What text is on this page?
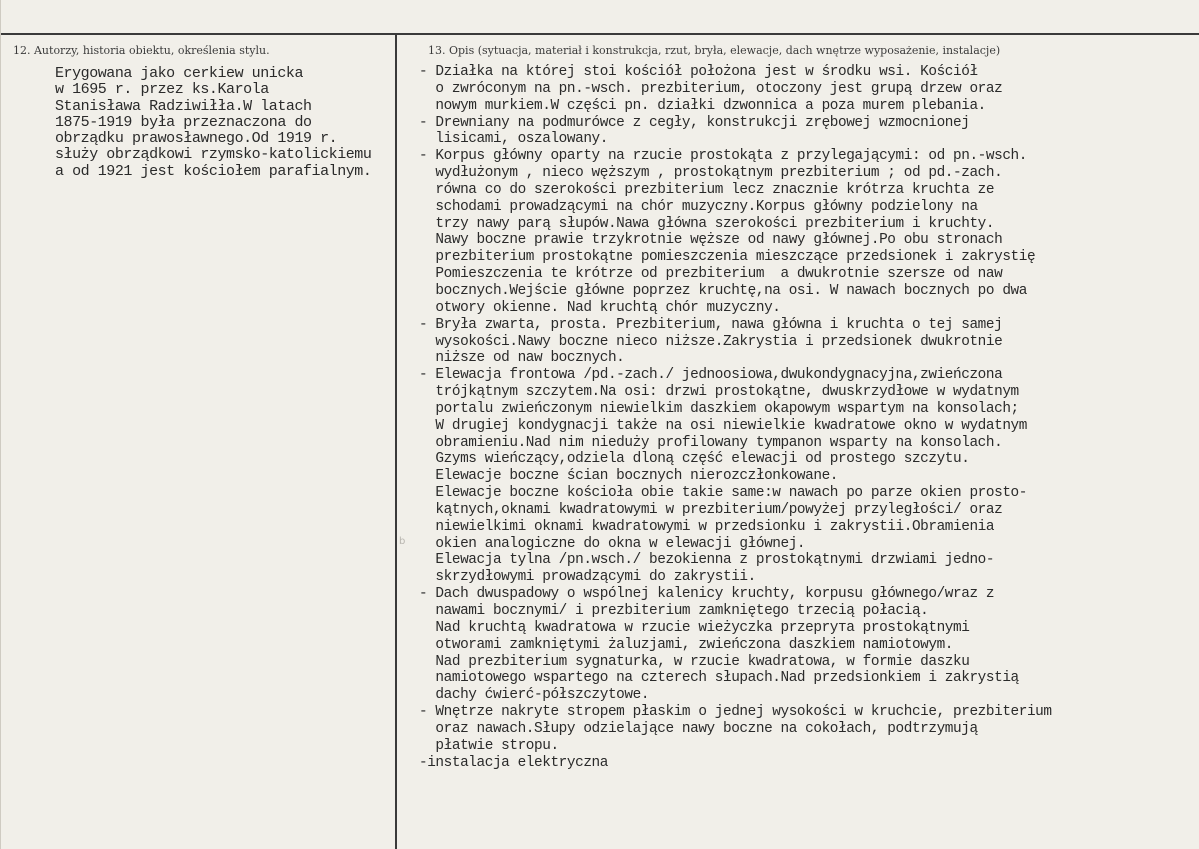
12. Autorzy, historia obiektu, określenia stylu.	13. Opis (sytuacja, materiał i konstrukcja, rzut, bryła, elewacje, dach wnętrze wyposażenie, instalacje)
Erygowana jako cerkiew unicka
w 1695 r. przez ks.Karola
Stanisława Radziwiłła.W latach
1875-1919 była przeznaczona do
obrządku prawosławnego.Od 1919 r.
służy obrządkowi rzymsko-katolickiemu
a od 1921 jest kościołem parafialnym.
- Działka na której stoi kościół położona jest w środku wsi. Kościół
o zwróconym na pn.-wsch. prezbiterium, otoczony jest grupą drzew oraz
nowym murkiem.W części pn. działki dzwonnica a poza murem plebania.
- Drewniany na podmurówce z cegły, konstrukcji zrębowej wzmocnionej
lisicami, oszalowany.
- Korpus główny oparty na rzucie prostokąta z przylegającymi: od pn.-wsch.
wydłużonym , nieco węższym , prostokątnym prezbiterium ; od pd.-zach.
równa co do szerokości prezbiterium lecz znacznie krótrza kruchta ze
schodami prowadzącymi na chór muzyczny.Korpus główny podzielony na
trzy nawy parą słupów.Nawa główna szerokości prezbiterium i kruchty.
Nawy boczne prawie trzykrotnie węższe od nawy głównej.Po obu stronach
prezbiterium prostokątne pomieszczenia mieszczące przedsionek i zakrystię
Pomieszczenia te krótrze od prezbiterium  a dwukrotnie szersze od naw
bocznych.Wejście główne poprzez kruchtę,na osi. W nawach bocznych po dwa
otwory okienne. Nad kruchtą chór muzyczny.
- Bryła zwarta, prosta. Prezbiterium, nawa główna i kruchta o tej samej
wysokości.Nawy boczne nieco niższe.Zakrystia i przedsionek dwukrotnie
niższe od naw bocznych.
- Elewacja frontowa /pd.-zach./ jednoosiowa,dwukondygnacyjna,zwieńczona
trójkątnym szczytem.Na osi: drzwi prostokątne, dwuskrzydłowe w wydatnym
portalu zwieńczonym niewielkim daszkiem okapowym wspartym na konsolach;
W drugiej kondygnacji także na osi niewielkie kwadratowe okno w wydatnym
obramieniu.Nad nim nieduży profilowany tympanon wsparty na konsolach.
Gzyms wieńczący,odziela dloną część elewacji od prostego szczytu.
Elewacje boczne ścian bocznych nierozczłonkowane.
Elewacje boczne kościoła obie takie same:w nawach po parze okien prosto-
kątnych,oknami kwadratowymi w prezbiterium/powyżej przyległości/ oraz
niewielkimi oknami kwadratowymi w przedsionku i zakrystii.Obramienia
okien analogiczne do okna w elewacji głównej.
Elewacja tylna /pn.wsch./ bezokienna z prostokątnymi drzwiami jedno-
skrzydłowymi prowadzącymi do zakrystii.
- Dach dwuspadowy o wspólnej kalenicy kruchty, korpusu głównego/wraz z
nawami bocznymi/ i prezbiterium zamkniętego trzecią połacią.
Nad kruchtą kwadratowa w rzucie wieżyczka przeprута prostokątnymi
otworami zamkniętymi żaluzjami, zwieńczona daszkiem namiotowym.
Nad prezbiterium sygnaturka, w rzucie kwadratowa, w formie daszku
namiotowego wspartego na czterech słupach.Nad przedsionkiem i zakrystią
dachy ćwierć-półszczytowe.
- Wnętrze nakryte stropem płaskim o jednej wysokości w kruchcie, prezbiterium
oraz nawach.Słupy odzielające nawy boczne na cokołach, podtrzymują
płatwie stropu.
-instalacja elektryczna
b
